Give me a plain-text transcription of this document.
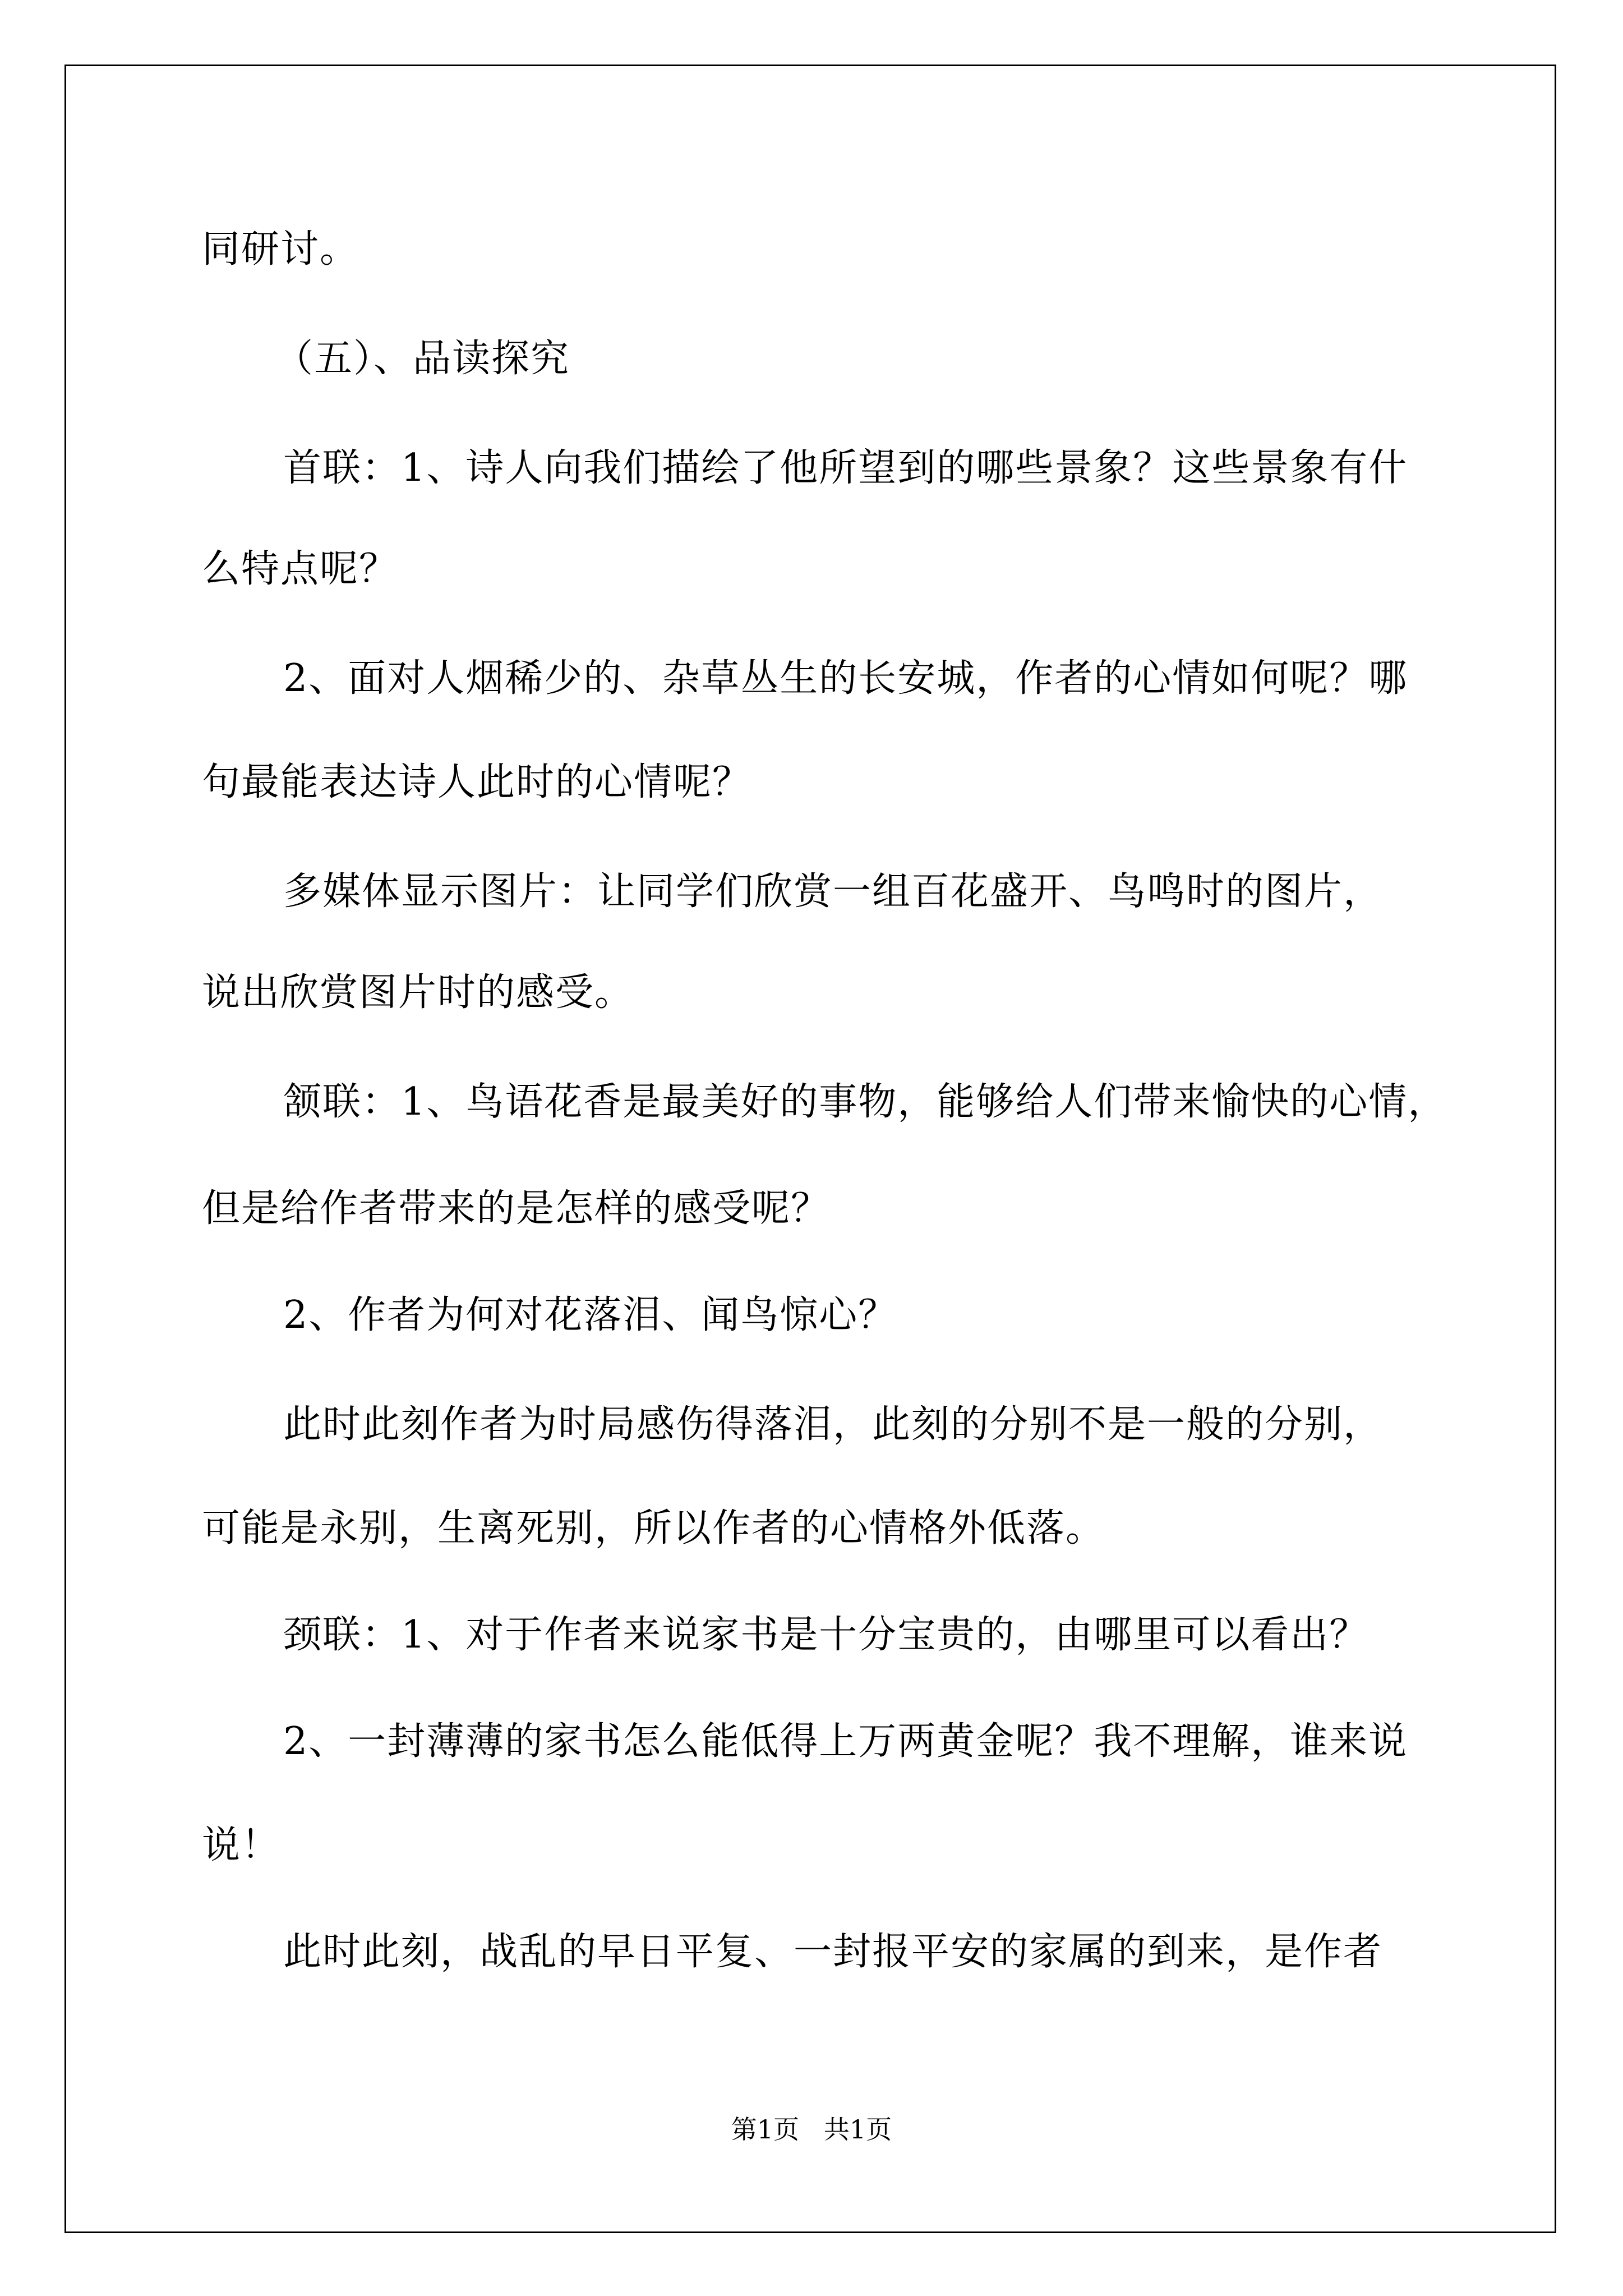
同研讨。
（五）、品读探究
首联：1、诗人向我们描绘了他所望到的哪些景象？这些景象有什
么特点呢？
2、面对人烟稀少的、杂草丛生的长安城，作者的心情如何呢？哪
句最能表达诗人此时的心情呢？
多媒体显示图片：让同学们欣赏一组百花盛开、鸟鸣时的图片，
说出欣赏图片时的感受。
颔联：1、鸟语花香是最美好的事物，能够给人们带来愉快的心情，
但是给作者带来的是怎样的感受呢？
2、作者为何对花落泪、闻鸟惊心？
此时此刻作者为时局感伤得落泪，此刻的分别不是一般的分别，
可能是永别，生离死别，所以作者的心情格外低落。
颈联：1、对于作者来说家书是十分宝贵的，由哪里可以看出？
2、一封薄薄的家书怎么能低得上万两黄金呢？我不理解，谁来说
说！
此时此刻，战乱的早日平复、一封报平安的家属的到来，是作者
第1页   共1页
